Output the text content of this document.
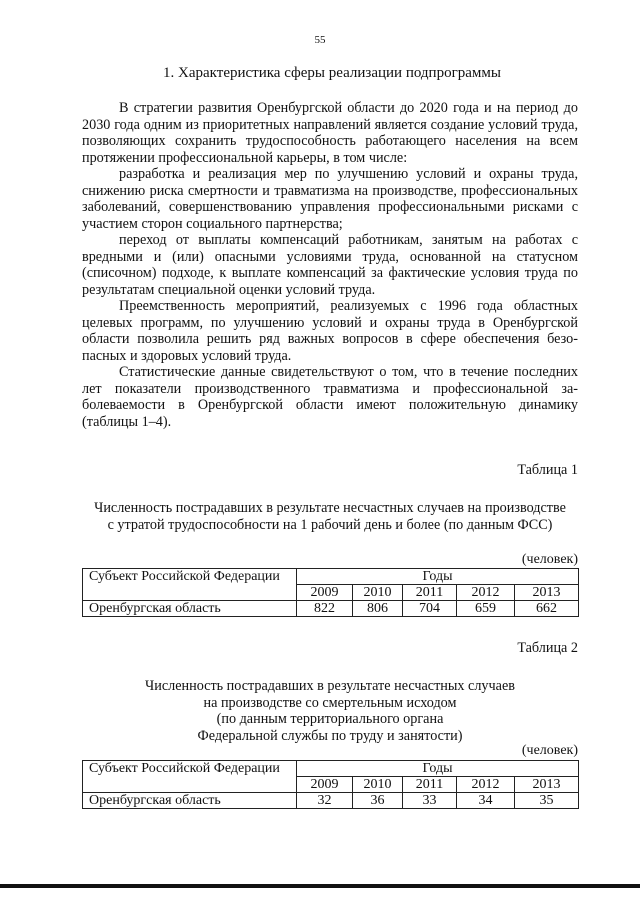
55
1. Характеристика сферы реализации подпрограммы

В стратегии развития Оренбургской области до 2020 года и на период до 2030 года одним из приоритетных направлений является создание условий труда, позволяющих сохранить трудоспособность работающего населения на всем протяжении профессиональной карьеры, в том числе:

разработка и реализация мер по улучшению условий и охраны труда, снижению риска смертности и травматизма на производстве, профессиональных заболеваний, совершенствованию управления профессиональными рисками с участием сторон социального партнерства;

переход от выплаты компенсаций работникам, занятым на работах с вредными и (или) опасными условиями труда, основанной на статусном (списочном) подходе, к выплате компенсаций за фактические условия труда по результатам специальной оценки условий труда.

Преемственность мероприятий, реализуемых с 1996 года областных целевых программ, по улучшению условий и охраны труда в Оренбургской области позволила решить ряд важных вопросов в сфере обеспечения безопасных и здоровых условий труда.

Статистические данные свидетельствуют о том, что в течение последних лет показатели производственного травматизма и профессиональной заболеваемости в Оренбургской области имеют положительную динамику (таблицы 1–4).

Таблица 1
Численность пострадавших в результате несчастных случаев на производстве
с утратой трудоспособности на 1 рабочий день и более (по данным ФСС)
(человек)
Субъект Российской Федерации	Годы				
	2009	2010	2011	2012	2013
Оренбургская область	822	806	704	659	662
Таблица 2
Численность пострадавших в результате несчастных случаев
на производстве со смертельным исходом
(по данным территориального органа
Федеральной службы по труду и занятости)
(человек)
Субъект Российской Федерации	Годы				
	2009	2010	2011	2012	2013
Оренбургская область	32	36	33	34	35
